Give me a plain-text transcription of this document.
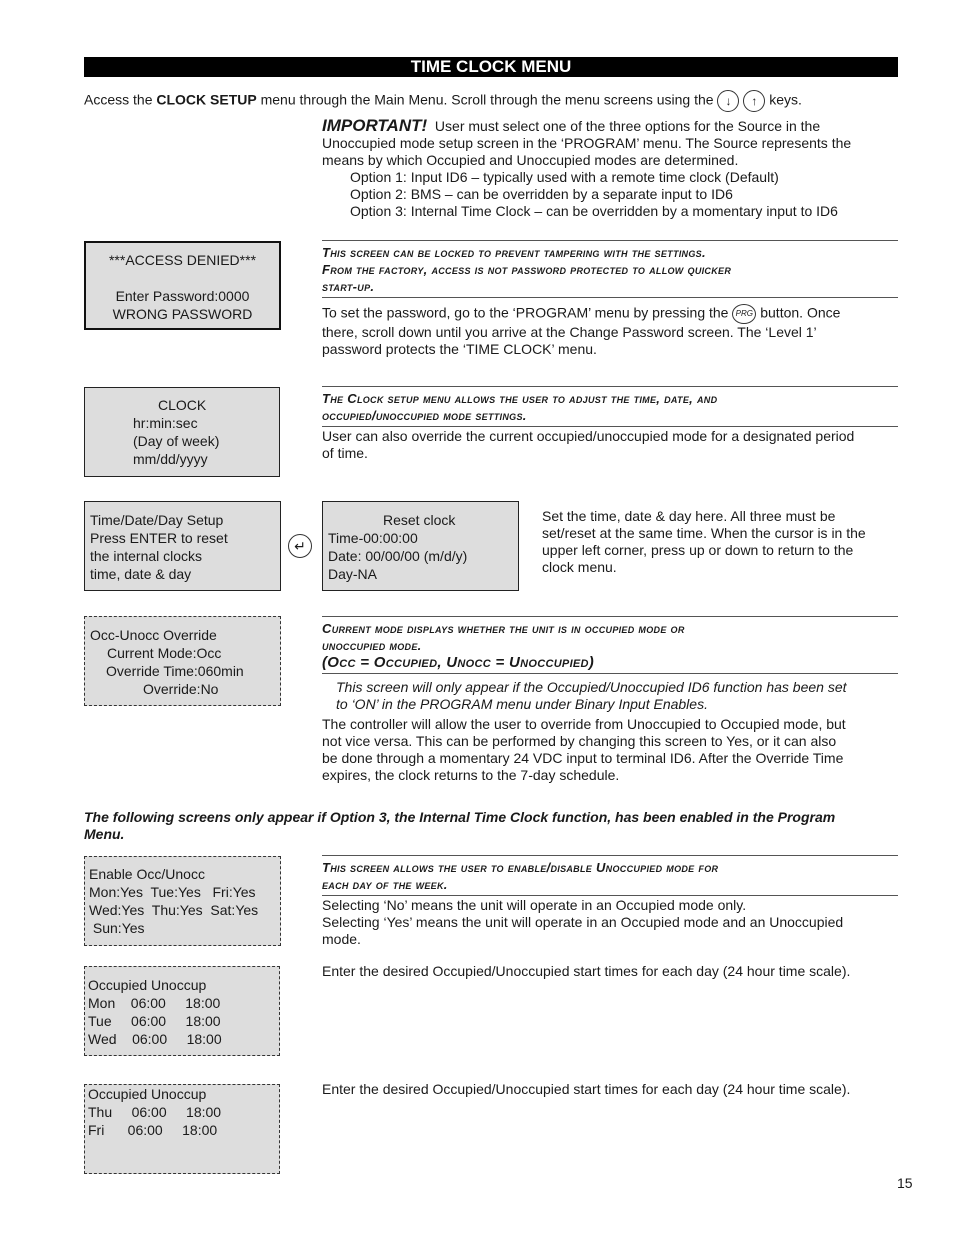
TIME CLOCK MENU
Access the CLOCK SETUP menu through the Main Menu. Scroll through the menu screens using the ↓ ↑ keys.
IMPORTANT! User must select one of the three options for the Source in the
Unoccupied mode setup screen in the ‘PROGRAM’ menu. The Source represents the
means by which Occupied and Unoccupied modes are determined.
Option 1: Input ID6 – typically used with a remote time clock (Default)
Option 2: BMS – can be overridden by a separate input to ID6
Option 3: Internal Time Clock – can be overridden by a momentary input to ID6
***ACCESS DENIED***
Enter Password:0000
WRONG PASSWORD
This screen can be locked to prevent tampering with the settings.
From the factory, access is not password protected to allow quicker
start-up.
To set the password, go to the ‘PROGRAM’ menu by pressing the PRG button. Once
there, scroll down until you arrive at the Change Password screen. The ‘Level 1’
password protects the ‘TIME CLOCK’ menu.
CLOCK
hr:min:sec
(Day of week)
mm/dd/yyyy
The Clock setup menu allows the user to adjust the time, date, and
occupied/unoccupied mode settings.
User can also override the current occupied/unoccupied mode for a designated period
of time.
Time/Date/Day Setup
Press ENTER to reset
the internal clocks
time, date & day
↵
Reset clock
Time-00:00:00
Date: 00/00/00 (m/d/y)
Day-NA
Set the time, date & day here. All three must be
set/reset at the same time. When the cursor is in the
upper left corner, press up or down to return to the
clock menu.
Occ-Unocc Override
Current Mode:Occ
Override Time:060min
Override:No
Current mode displays whether the unit is in occupied mode or
unoccupied mode.
(Occ = Occupied, Unocc = Unoccupied)
This screen will only appear if the Occupied/Unoccupied ID6 function has been set
to ‘ON’ in the PROGRAM menu under Binary Input Enables.
The controller will allow the user to override from Unoccupied to Occupied mode, but
not vice versa. This can be performed by changing this screen to Yes, or it can also
be done through a momentary 24 VDC input to terminal ID6. After the Override Time
expires, the clock returns to the 7-day schedule.
The following screens only appear if Option 3, the Internal Time Clock function, has been enabled in the Program
Menu.
Enable Occ/Unocc
Mon:Yes  Tue:Yes   Fri:Yes
Wed:Yes  Thu:Yes  Sat:Yes
Sun:Yes
This screen allows the user to enable/disable Unoccupied mode for
each day of the week.
Selecting ‘No’ means the unit will operate in an Occupied mode only.
Selecting ‘Yes’ means the unit will operate in an Occupied mode and an Unoccupied
mode.
Occupied Unoccup
Mon    06:00     18:00
Tue     06:00     18:00
Wed    06:00     18:00
Enter the desired Occupied/Unoccupied start times for each day (24 hour time scale).
Occupied Unoccup
Thu     06:00     18:00
Fri      06:00     18:00
Enter the desired Occupied/Unoccupied start times for each day (24 hour time scale).
15
